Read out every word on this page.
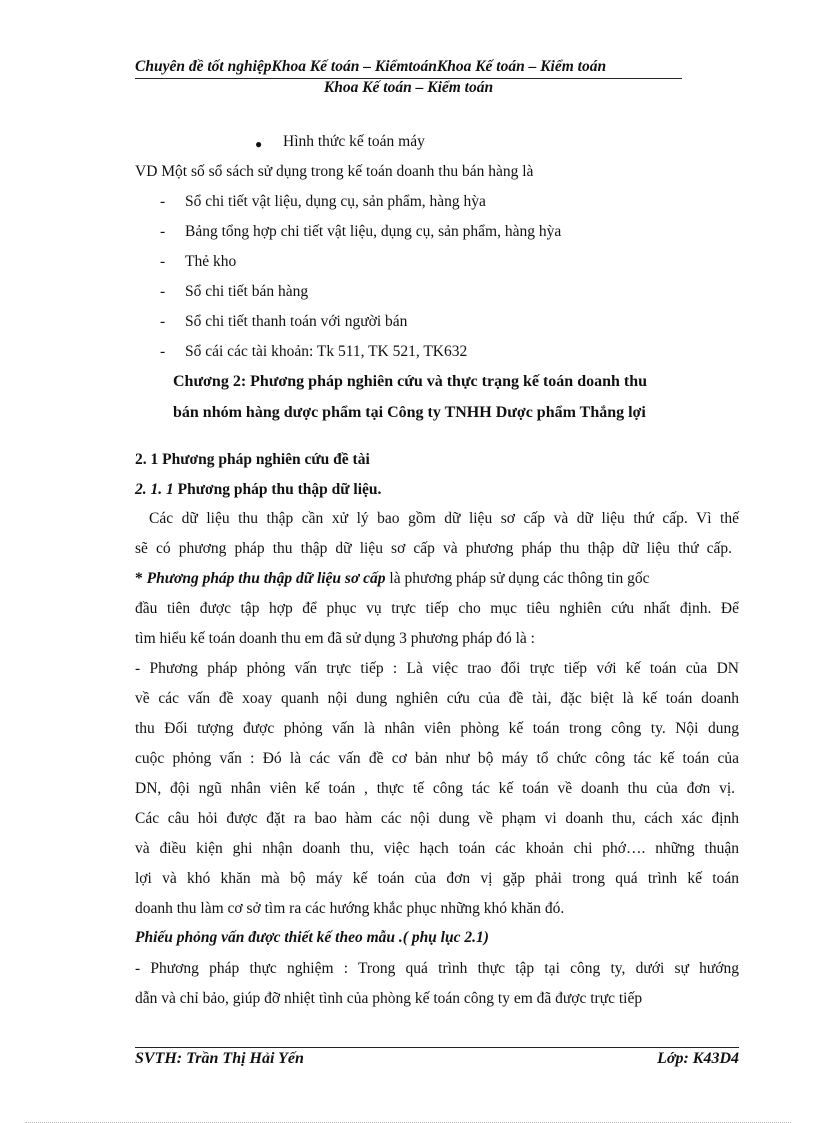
Chuyên đề tốt nghiệpKhoa Kế toán – KiểmtoánKhoa Kế toán – Kiểm toán
Khoa Kế toán – Kiểm toán
● Hình thức kế toán máy
VD Một số sổ sách sử dụng trong kế toán doanh thu bán hàng là
- Sổ chi tiết vật liệu, dụng cụ, sản phẩm, hàng hỳa
- Bảng tổng hợp chi tiết vật liệu, dụng cụ, sản phẩm, hàng hỳa
- Thẻ kho
- Sổ chi tiết bán hàng
- Sổ chi tiết thanh toán với người bán
- Sổ cái các tài khoản: Tk 511, TK 521, TK632
Chương 2: Phương pháp nghiên cứu và thực trạng kế toán doanh thu
bán nhóm hàng dược phẩm tại Công ty TNHH Dược phẩm Thắng lợi
2. 1 Phương pháp nghiên cứu đề tài
2. 1. 1 Phương pháp thu thập dữ liệu.
Các dữ liệu thu thập cần xử lý bao gồm dữ liệu sơ cấp và dữ liệu thứ cấp. Vì thế
sẽ có phương pháp thu thập dữ liệu sơ cấp và phương pháp thu thập dữ liệu thứ cấp.
* Phương pháp thu thập dữ liệu sơ cấp là phương pháp sử dụng các thông tin gốc
đầu tiên được tập hợp để phục vụ trực tiếp cho mục tiêu nghiên cứu nhất định. Để
tìm hiểu kế toán doanh thu em đã sử dụng 3 phương pháp đó là :
- Phương pháp phỏng vấn trực tiếp : Là việc trao đổi trực tiếp với kế toán của DN
về các vấn đề xoay quanh nội dung nghiên cứu của đề tài, đặc biệt là kế toán doanh
thu Đối tượng được phỏng vấn là nhân viên phòng kế toán trong công ty. Nội dung
cuộc phỏng vấn : Đó là các vấn đề cơ bản như bộ máy tổ chức công tác kế toán của
DN, đội ngũ nhân viên kế toán , thực tế công tác kế toán về doanh thu của đơn vị.
Các câu hỏi được đặt ra bao hàm các nội dung về phạm vi doanh thu, cách xác định
và điều kiện ghi nhận doanh thu, việc hạch toán các khoản chi phớ…. những thuận
lợi và khó khăn mà bộ máy kế toán của đơn vị gặp phải trong quá trình kế toán
doanh thu làm cơ sở tìm ra các hướng khắc phục những khó khăn đó.
Phiếu phỏng vấn được thiết kế theo mẫu .( phụ lục 2.1)
- Phương pháp thực nghiệm : Trong quá trình thực tập tại công ty, dưới sự hướng
dẫn và chỉ bảo, giúp đỡ nhiệt tình của phòng kế toán công ty em đã được trực tiếp
SVTH: Trần Thị Hải Yến	Lớp: K43D4
